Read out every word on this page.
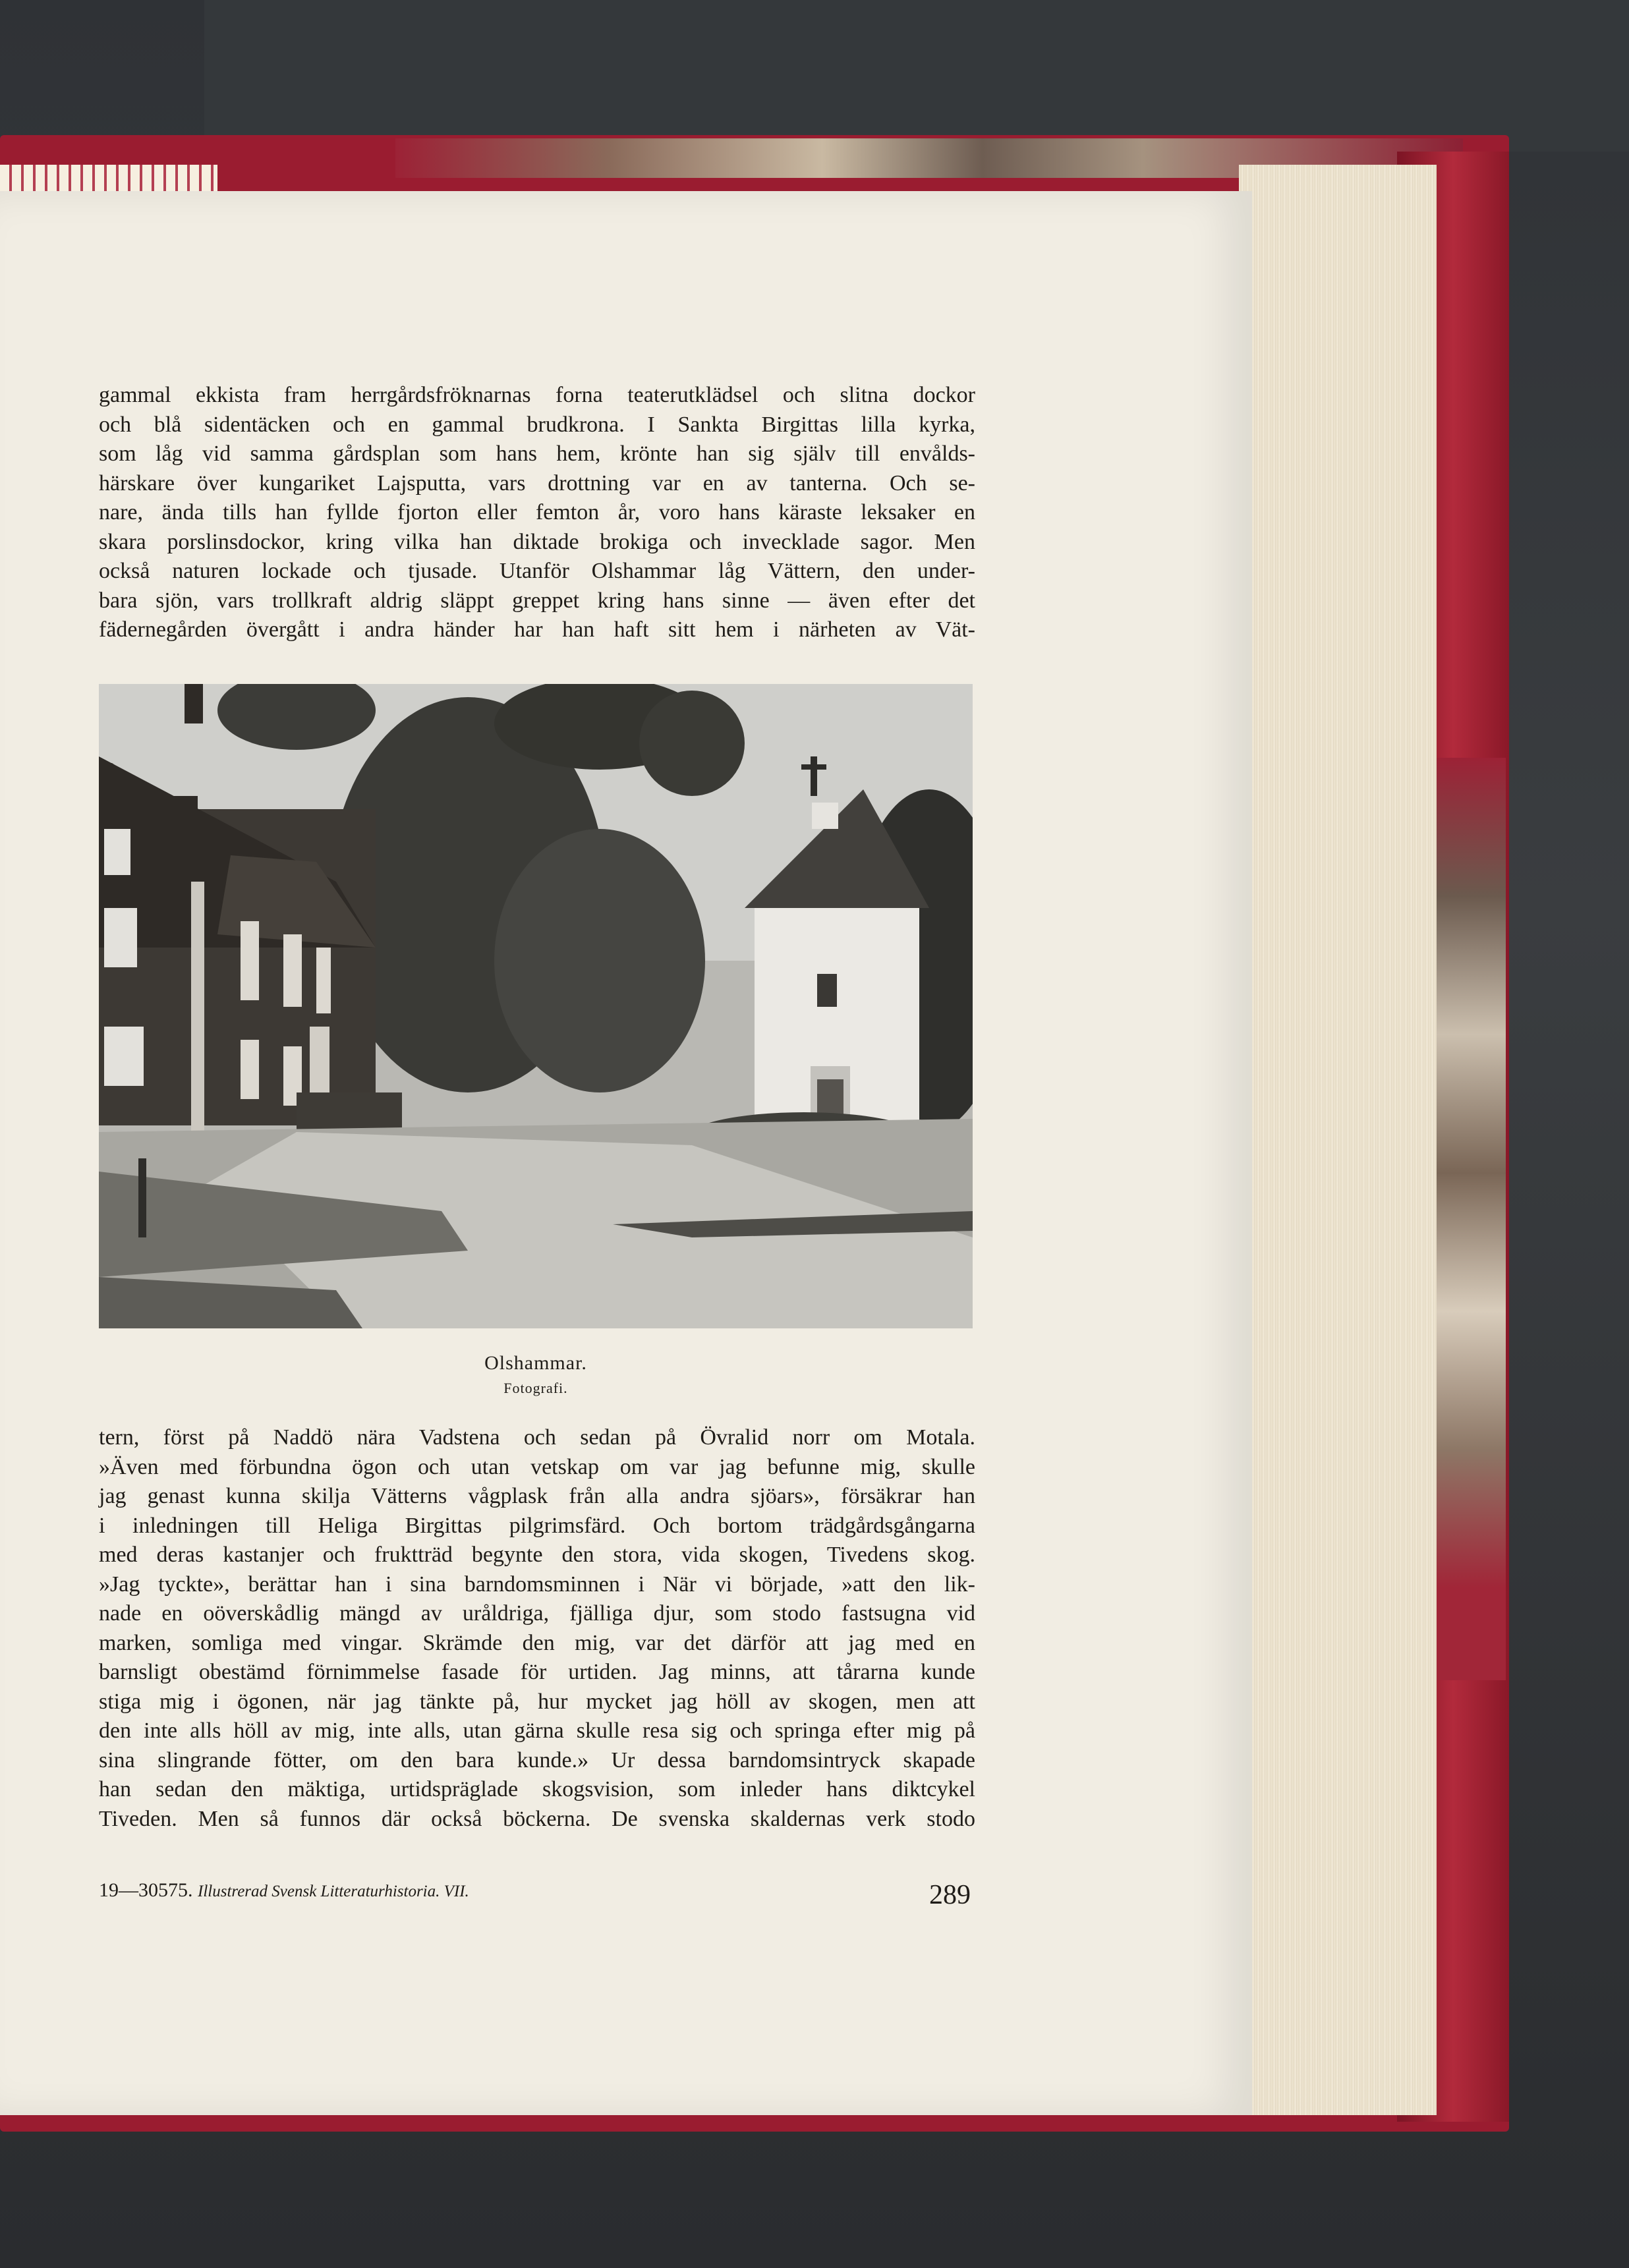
gammal ekkista fram herrgårdsfröknarnas forna teaterutklädsel och slitna dockor
och blå sidentäcken och en gammal brudkrona. I Sankta Birgittas lilla kyrka,
som låg vid samma gårdsplan som hans hem, krönte han sig själv till envålds-
härskare över kungariket Lajsputta, vars drottning var en av tanterna. Och se-
nare, ända tills han fyllde fjorton eller femton år, voro hans käraste leksaker en
skara porslinsdockor, kring vilka han diktade brokiga och invecklade sagor. Men
också naturen lockade och tjusade. Utanför Olshammar låg Vättern, den under-
bara sjön, vars trollkraft aldrig släppt greppet kring hans sinne — även efter det
fädernegården övergått i andra händer har han haft sitt hem i närheten av Vät-
Olshammar.
Fotografi.
tern, först på Naddö nära Vadstena och sedan på Övralid norr om Motala.
»Även med förbundna ögon och utan vetskap om var jag befunne mig, skulle
jag genast kunna skilja Vätterns vågplask från alla andra sjöars», försäkrar han
i inledningen till Heliga Birgittas pilgrimsfärd. Och bortom trädgårdsgångarna
med deras kastanjer och fruktträd begynte den stora, vida skogen, Tivedens skog.
»Jag tyckte», berättar han i sina barndomsminnen i När vi började, »att den lik-
nade en oöverskådlig mängd av uråldriga, fjälliga djur, som stodo fastsugna vid
marken, somliga med vingar. Skrämde den mig, var det därför att jag med en
barnsligt obestämd förnimmelse fasade för urtiden. Jag minns, att tårarna kunde
stiga mig i ögonen, när jag tänkte på, hur mycket jag höll av skogen, men att
den inte alls höll av mig, inte alls, utan gärna skulle resa sig och springa efter mig på
sina slingrande fötter, om den bara kunde.» Ur dessa barndomsintryck skapade
han sedan den mäktiga, urtidspräglade skogsvision, som inleder hans diktcykel
Tiveden. Men så funnos där också böckerna. De svenska skaldernas verk stodo
19—30575. Illustrerad Svensk Litteraturhistoria. VII.	289
